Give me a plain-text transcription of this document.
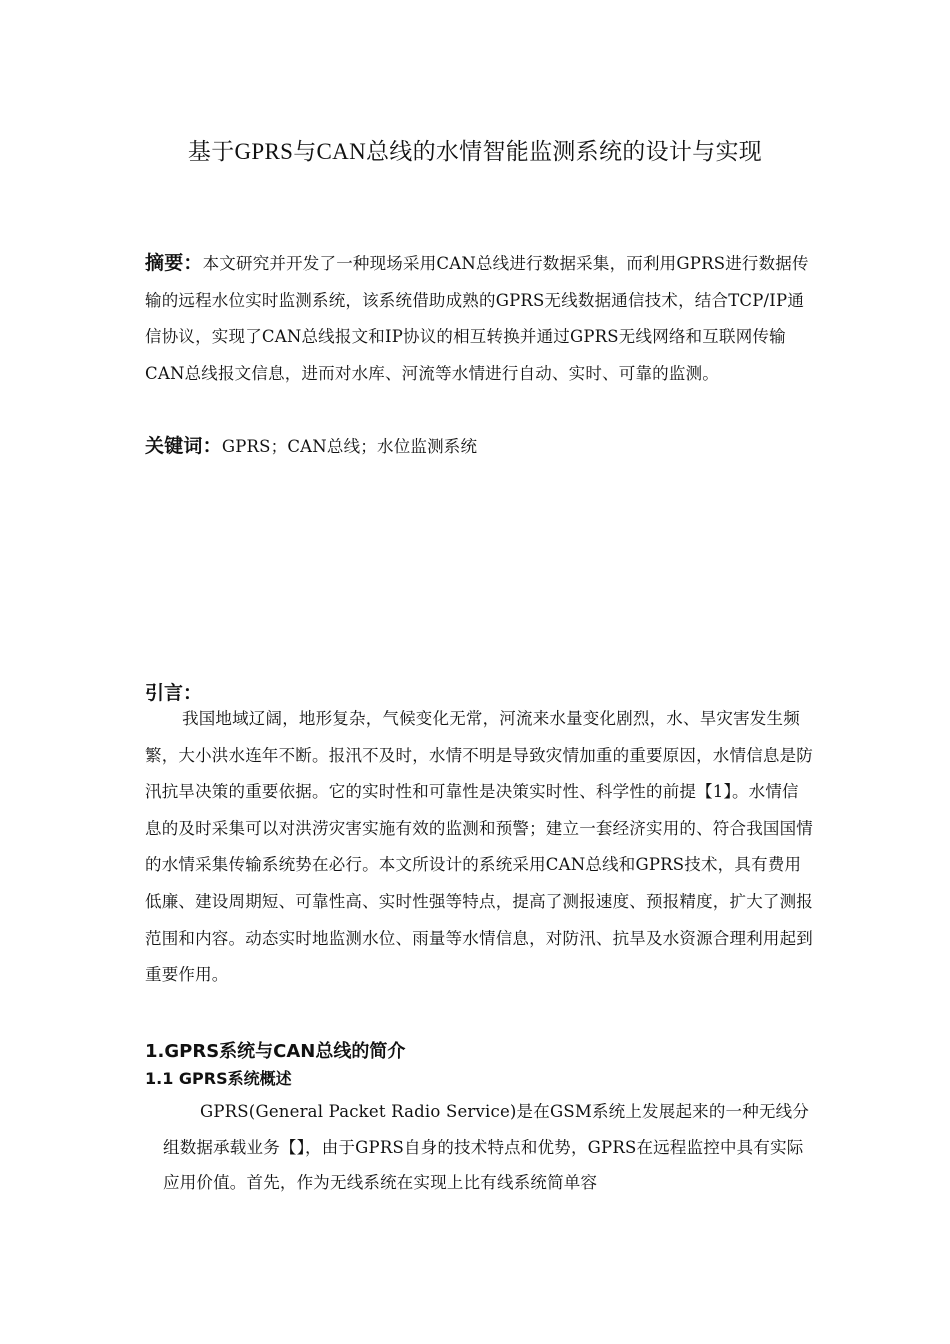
基于GPRS与CAN总线的水情智能监测系统的设计与实现
摘要：本文研究并开发了一种现场采用CAN总线进行数据采集，而利用GPRS进行数据传输的远程水位实时监测系统，该系统借助成熟的GPRS无线数据通信技术，结合TCP/IP通信协议，实现了CAN总线报文和IP协议的相互转换并通过GPRS无线网络和互联网传输CAN总线报文信息，进而对水库、河流等水情进行自动、实时、可靠的监测。
关键词：GPRS；CAN总线；水位监测系统
引言：
我国地域辽阔，地形复杂，气候变化无常，河流来水量变化剧烈，水、旱灾害发生频繁，大小洪水连年不断。报汛不及时，水情不明是导致灾情加重的重要原因，水情信息是防汛抗旱决策的重要依据。它的实时性和可靠性是决策实时性、科学性的前提【1】。水情信息的及时采集可以对洪涝灾害实施有效的监测和预警；建立一套经济实用的、符合我国国情的水情采集传输系统势在必行。本文所设计的系统采用CAN总线和GPRS技术，具有费用低廉、建设周期短、可靠性高、实时性强等特点，提高了测报速度、预报精度，扩大了测报范围和内容。动态实时地监测水位、雨量等水情信息，对防汛、抗旱及水资源合理利用起到重要作用。
1.GPRS系统与CAN总线的简介
1.1 GPRS系统概述
GPRS(General Packet Radio Service)是在GSM系统上发展起来的一种无线分组数据承载业务【】，由于GPRS自身的技术特点和优势，GPRS在远程监控中具有实际应用价值。首先，作为无线系统在实现上比有线系统简单容
